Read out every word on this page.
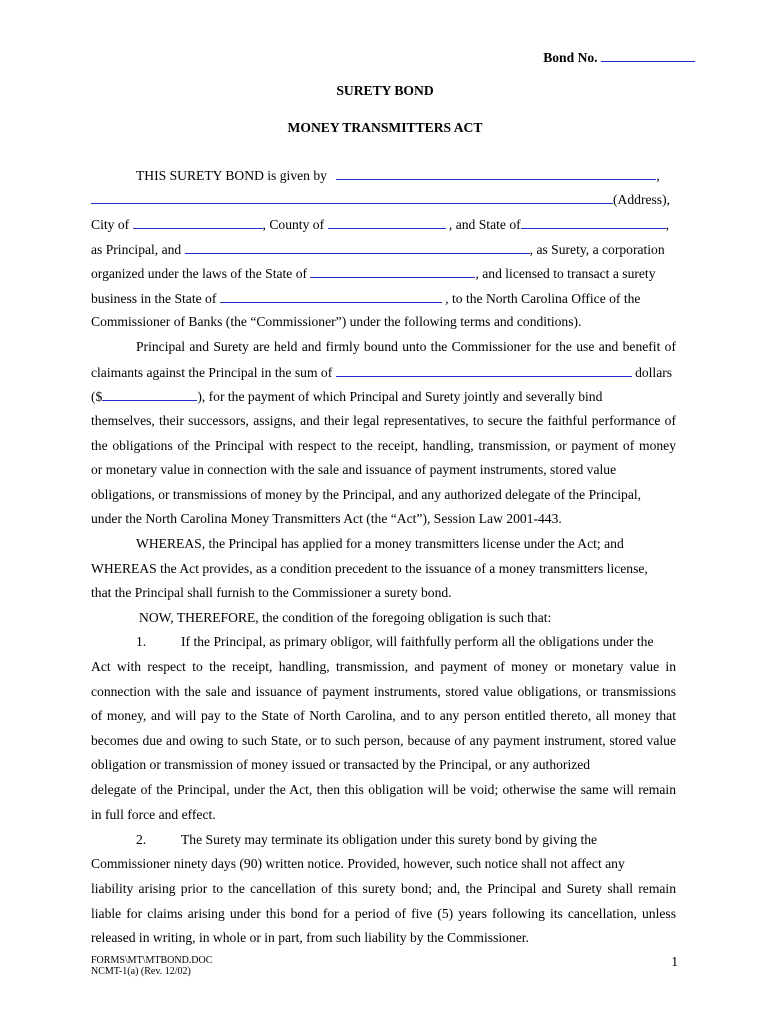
Bond No.
SURETY BOND
MONEY TRANSMITTERS ACT
THIS SURETY BOND is given by	,
(Address),
City of	, County of	, and State of	,
as Principal, and	, as Surety, a corporation
organized under the laws of the State of	, and licensed to transact a surety
business in the State of	, to the North Carolina Office of the
Commissioner of Banks (the “Commissioner”) under the following terms and conditions).
Principal and Surety are held and firmly bound unto the Commissioner for the use and benefit of
claimants against the Principal in the sum of	dollars
($	), for the payment of which Principal and Surety jointly and severally bind
themselves, their successors, assigns, and their legal representatives, to secure the faithful performance of
the obligations of the Principal with respect to the receipt, handling, transmission, or payment of money
or monetary value in connection with the sale and issuance of payment instruments, stored value
obligations, or transmissions of money by the Principal, and any authorized delegate of the Principal,
under the North Carolina Money Transmitters Act (the “Act”), Session Law 2001-443.
WHEREAS, the Principal has applied for a money transmitters license under the Act; and
WHEREAS the Act provides, as a condition precedent to the issuance of a money transmitters license,
that the Principal shall furnish to the Commissioner a surety bond.
NOW, THEREFORE, the condition of the foregoing obligation is such that:
1.	If the Principal, as primary obligor, will faithfully perform all the obligations under the
Act with respect to the receipt, handling, transmission, and payment of money or monetary value in
connection with the sale and issuance of payment instruments, stored value obligations, or transmissions
of money, and will pay to the State of North Carolina, and to any person entitled thereto, all money that
becomes due and owing to such State, or to such person, because of any payment instrument, stored value
obligation or transmission of money issued or transacted by the Principal, or any authorized
delegate of the Principal, under the Act, then this obligation will be void; otherwise the same will remain
in full force and effect.
2.	The Surety may terminate its obligation under this surety bond by giving the
Commissioner ninety days (90) written notice. Provided, however, such notice shall not affect any
liability arising prior to the cancellation of this surety bond; and, the Principal and Surety shall remain
liable for claims arising under this bond for a period of five (5) years following its cancellation, unless
released in writing, in whole or in part, from such liability by the Commissioner.
FORMS\MT\MTBOND.DOC
NCMT-1(a) (Rev. 12/02)
1
